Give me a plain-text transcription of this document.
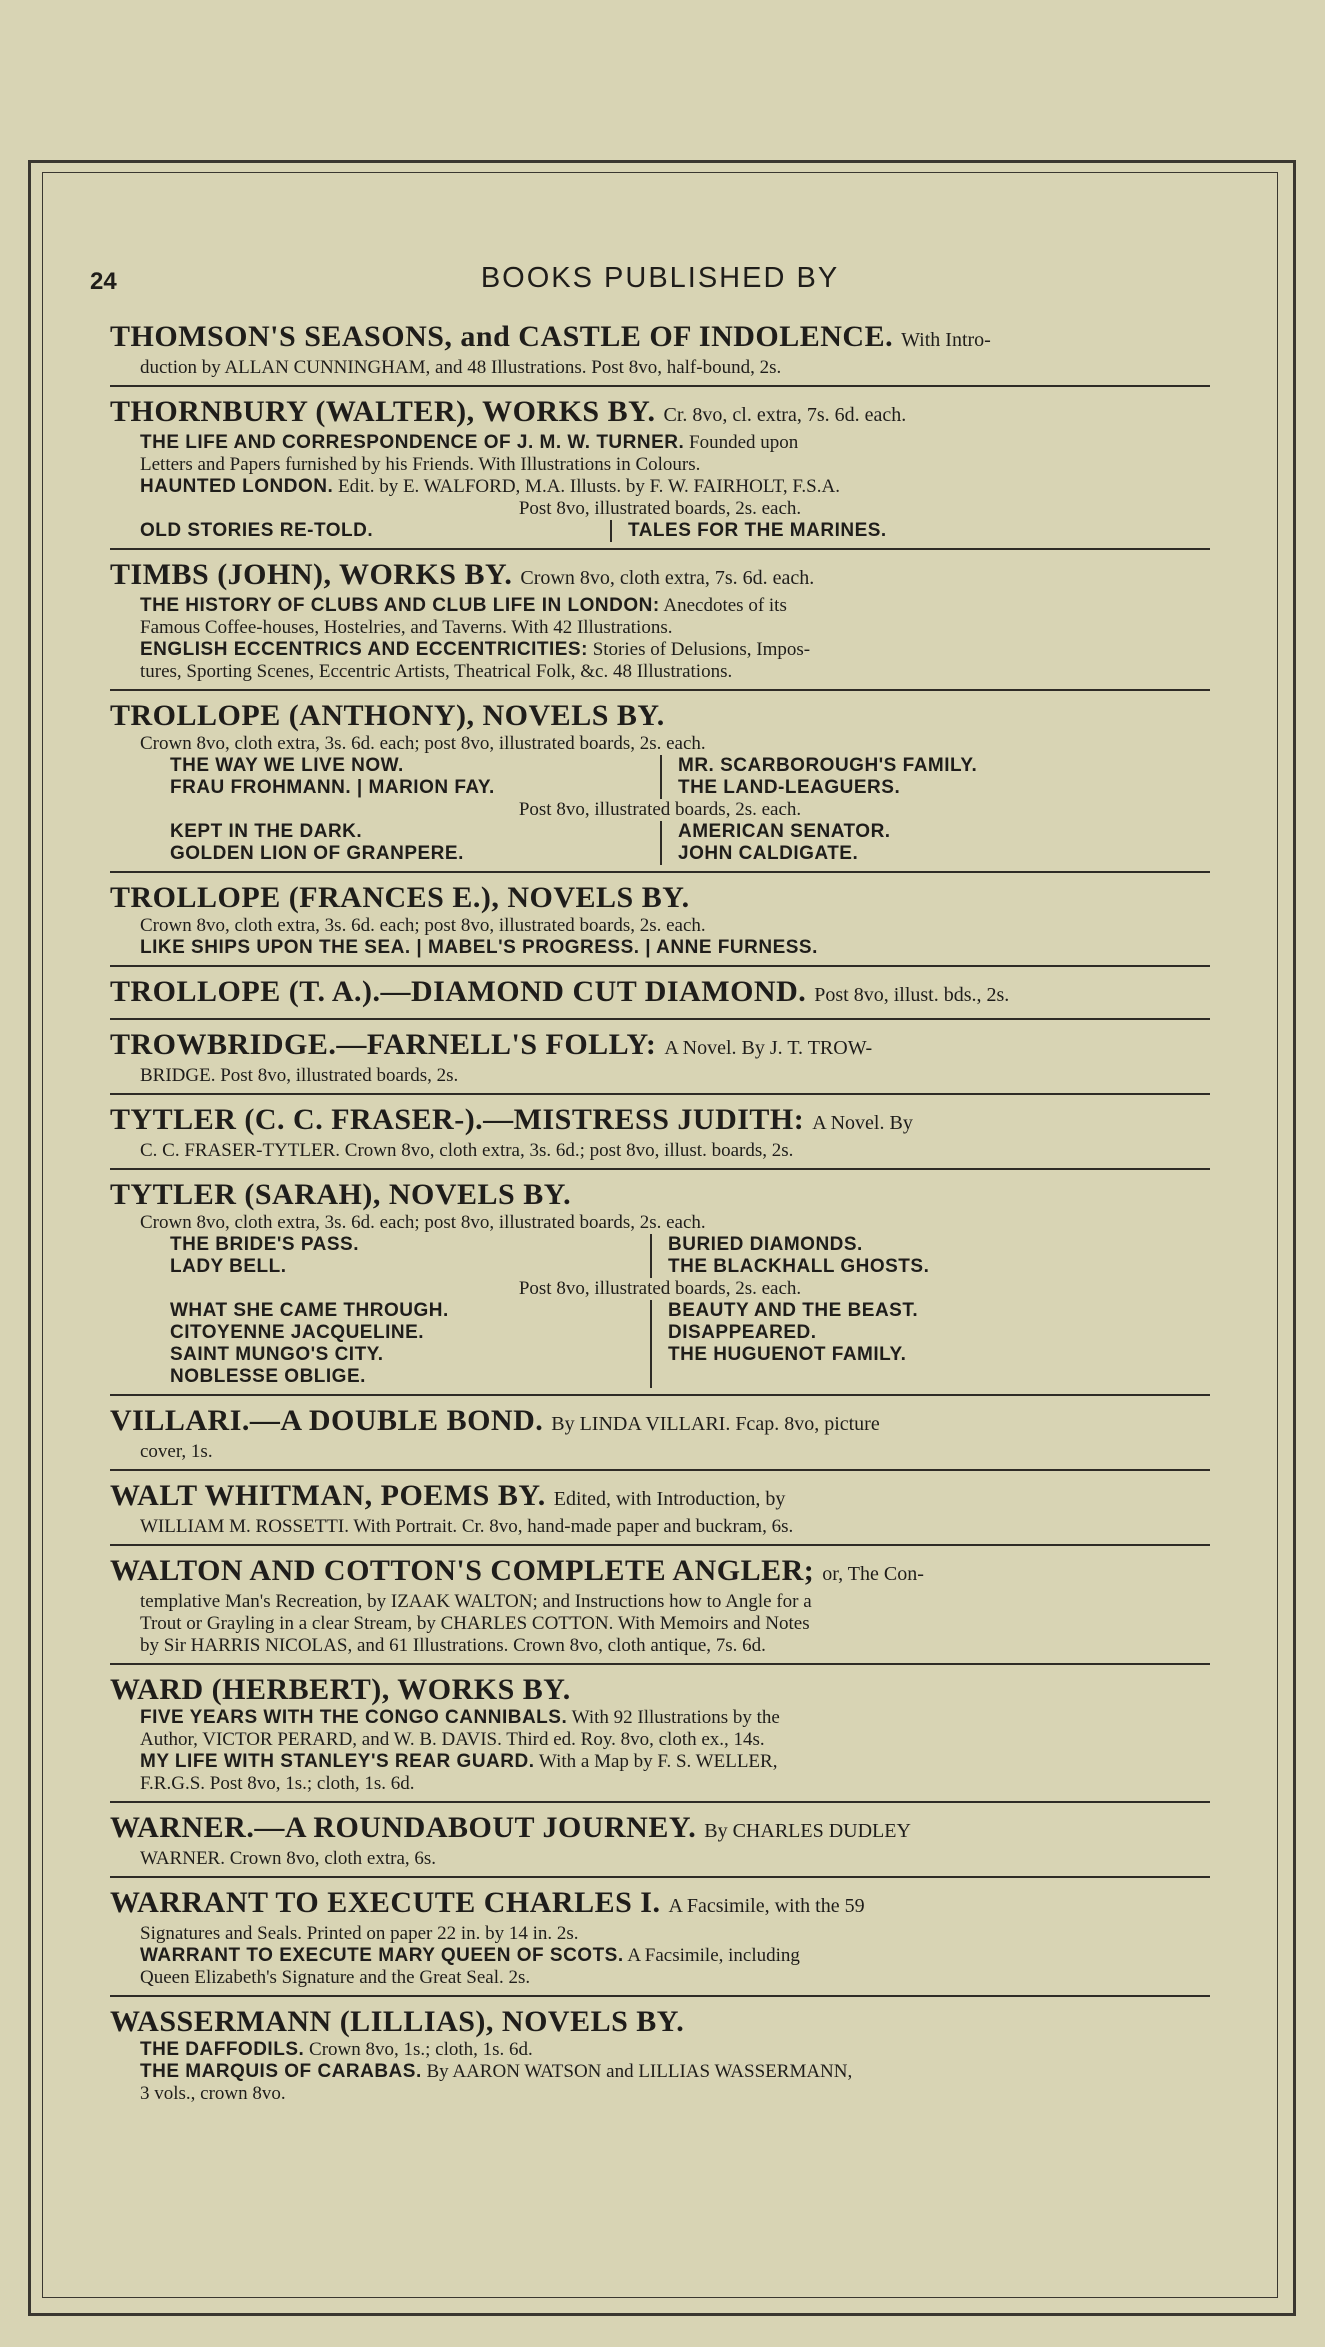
24	BOOKS PUBLISHED BY
THOMSON'S SEASONS, and CASTLE OF INDOLENCE. With Intro-
duction by ALLAN CUNNINGHAM, and 48 Illustrations. Post 8vo, half-bound, 2s.
THORNBURY (WALTER), WORKS BY. Cr. 8vo, cl. extra, 7s. 6d. each.
THE LIFE AND CORRESPONDENCE OF J. M. W. TURNER. Founded upon
Letters and Papers furnished by his Friends. With Illustrations in Colours.
HAUNTED LONDON. Edit. by E. WALFORD, M.A. Illusts. by F. W. FAIRHOLT, F.S.A.
Post 8vo, illustrated boards, 2s. each.
OLD STORIES RE-TOLD.	TALES FOR THE MARINES.
TIMBS (JOHN), WORKS BY. Crown 8vo, cloth extra, 7s. 6d. each.
THE HISTORY OF CLUBS AND CLUB LIFE IN LONDON: Anecdotes of its
Famous Coffee-houses, Hostelries, and Taverns. With 42 Illustrations.
ENGLISH ECCENTRICS AND ECCENTRICITIES: Stories of Delusions, Impos-
tures, Sporting Scenes, Eccentric Artists, Theatrical Folk, &c. 48 Illustrations.
TROLLOPE (ANTHONY), NOVELS BY.
Crown 8vo, cloth extra, 3s. 6d. each; post 8vo, illustrated boards, 2s. each.
THE WAY WE LIVE NOW.
FRAU FROHMANN. | MARION FAY.
MR. SCARBOROUGH'S FAMILY.
THE LAND-LEAGUERS.
Post 8vo, illustrated boards, 2s. each.
KEPT IN THE DARK.
GOLDEN LION OF GRANPERE.
AMERICAN SENATOR.
JOHN CALDIGATE.
TROLLOPE (FRANCES E.), NOVELS BY.
Crown 8vo, cloth extra, 3s. 6d. each; post 8vo, illustrated boards, 2s. each.
LIKE SHIPS UPON THE SEA. | MABEL'S PROGRESS. | ANNE FURNESS.
TROLLOPE (T. A.).—DIAMOND CUT DIAMOND. Post 8vo, illust. bds., 2s.
TROWBRIDGE.—FARNELL'S FOLLY: A Novel. By J. T. TROW-
BRIDGE. Post 8vo, illustrated boards, 2s.
TYTLER (C. C. FRASER-).—MISTRESS JUDITH: A Novel. By
C. C. FRASER-TYTLER. Crown 8vo, cloth extra, 3s. 6d.; post 8vo, illust. boards, 2s.
TYTLER (SARAH), NOVELS BY.
Crown 8vo, cloth extra, 3s. 6d. each; post 8vo, illustrated boards, 2s. each.
THE BRIDE'S PASS.
LADY BELL.
BURIED DIAMONDS.
THE BLACKHALL GHOSTS.
Post 8vo, illustrated boards, 2s. each.
WHAT SHE CAME THROUGH.
CITOYENNE JACQUELINE.
SAINT MUNGO'S CITY.
NOBLESSE OBLIGE.
BEAUTY AND THE BEAST.
DISAPPEARED.
THE HUGUENOT FAMILY.
VILLARI.—A DOUBLE BOND. By LINDA VILLARI. Fcap. 8vo, picture
cover, 1s.
WALT WHITMAN, POEMS BY. Edited, with Introduction, by
WILLIAM M. ROSSETTI. With Portrait. Cr. 8vo, hand-made paper and buckram, 6s.
WALTON AND COTTON'S COMPLETE ANGLER; or, The Con-
templative Man's Recreation, by IZAAK WALTON; and Instructions how to Angle for a
Trout or Grayling in a clear Stream, by CHARLES COTTON. With Memoirs and Notes
by Sir HARRIS NICOLAS, and 61 Illustrations. Crown 8vo, cloth antique, 7s. 6d.
WARD (HERBERT), WORKS BY.
FIVE YEARS WITH THE CONGO CANNIBALS. With 92 Illustrations by the
Author, VICTOR PERARD, and W. B. DAVIS. Third ed. Roy. 8vo, cloth ex., 14s.
MY LIFE WITH STANLEY'S REAR GUARD. With a Map by F. S. WELLER,
F.R.G.S. Post 8vo, 1s.; cloth, 1s. 6d.
WARNER.—A ROUNDABOUT JOURNEY. By CHARLES DUDLEY
WARNER. Crown 8vo, cloth extra, 6s.
WARRANT TO EXECUTE CHARLES I. A Facsimile, with the 59
Signatures and Seals. Printed on paper 22 in. by 14 in. 2s.
WARRANT TO EXECUTE MARY QUEEN OF SCOTS. A Facsimile, including
Queen Elizabeth's Signature and the Great Seal. 2s.
WASSERMANN (LILLIAS), NOVELS BY.
THE DAFFODILS. Crown 8vo, 1s.; cloth, 1s. 6d.
THE MARQUIS OF CARABAS. By AARON WATSON and LILLIAS WASSERMANN,
3 vols., crown 8vo.
